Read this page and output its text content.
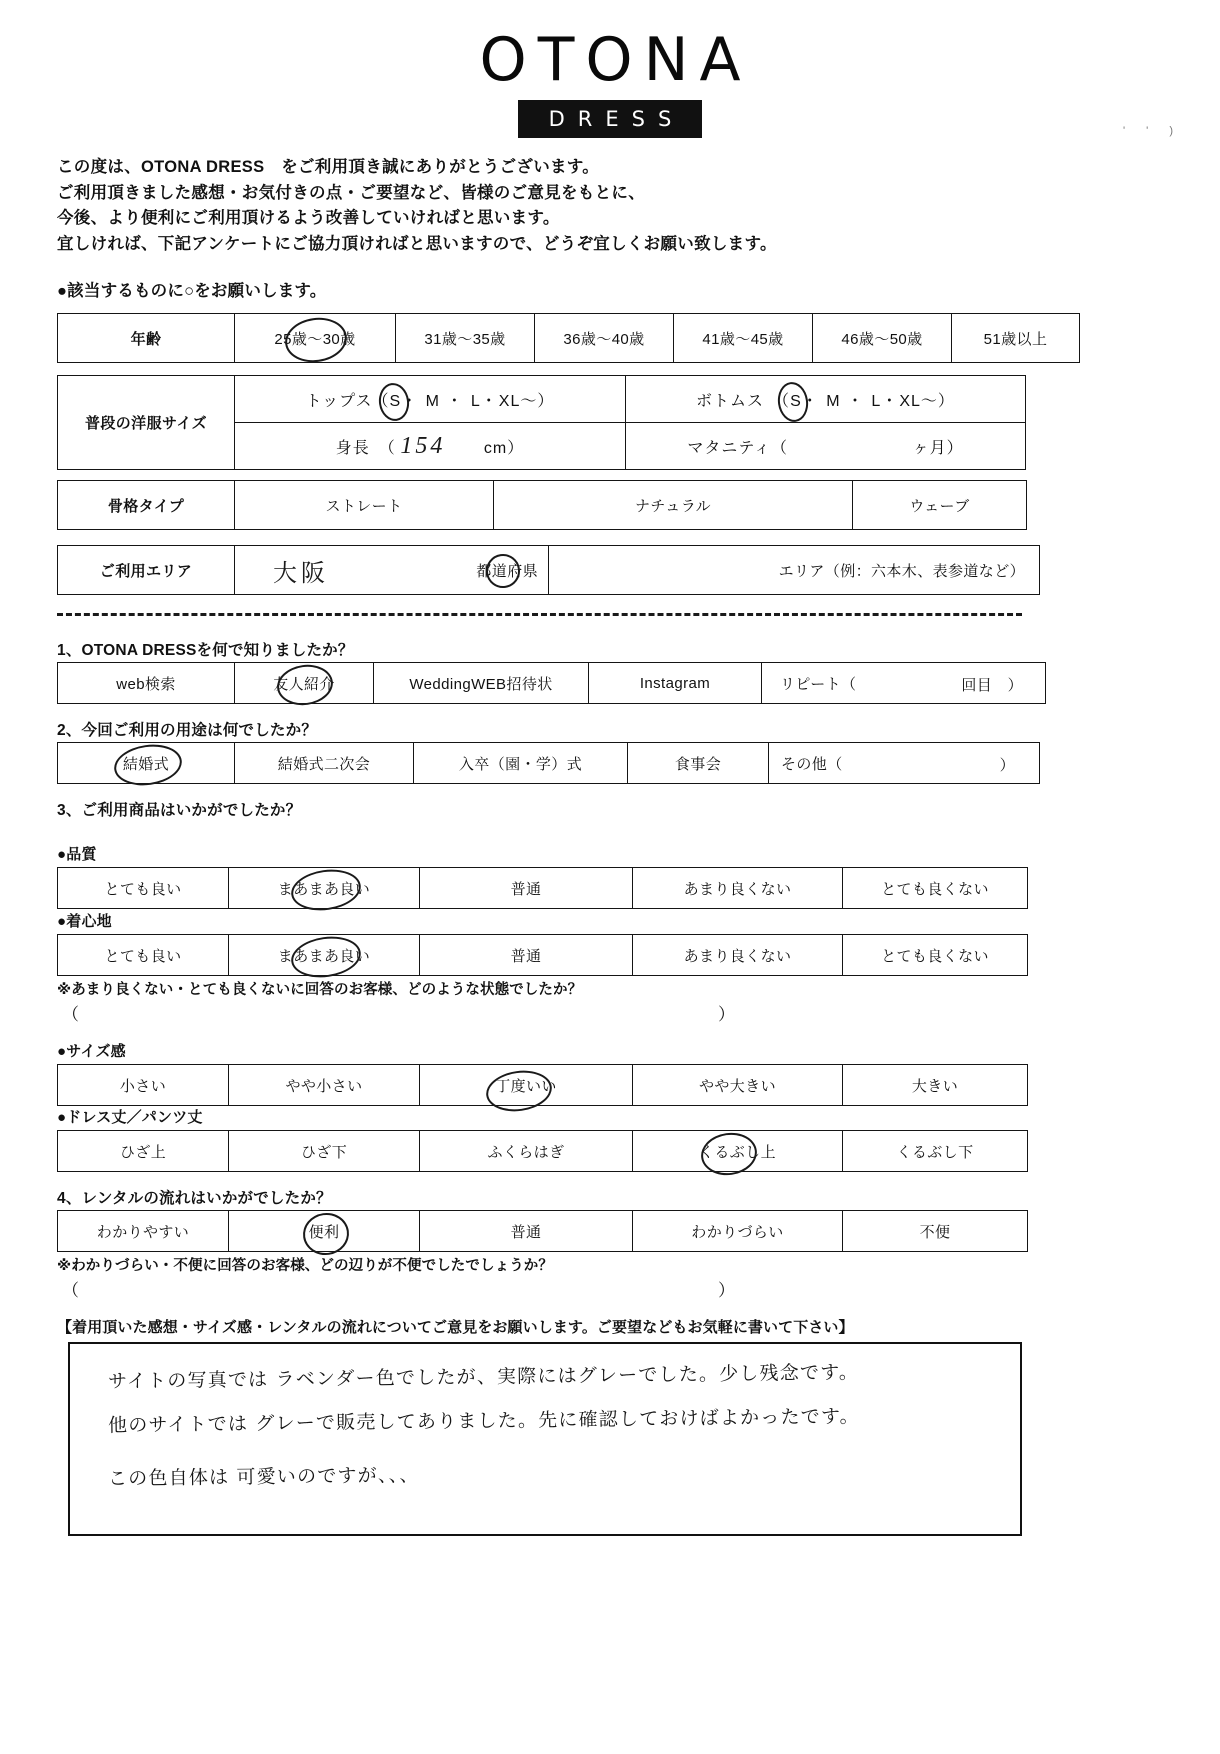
OTONA
DRESS	' ' )
この度は、OTONA DRESS　をご利用頂き誠にありがとうございます。
ご利用頂きました感想・お気付きの点・ご要望など、皆様のご意見をもとに、
今後、より便利にご利用頂けるよう改善していければと思います。
宜しければ、下記アンケートにご協力頂ければと思いますので、どうぞ宜しくお願い致します。
●該当するものに○をお願いします。
年齢	25歳〜30歳	31歳〜35歳	36歳〜40歳	41歳〜45歳	46歳〜50歳	51歳以上
普段の洋服サイズ	トップス（S・ M ・ L・XL〜）	ボトムス　（S・ M ・ L・XL〜）

	身長　（ 154 cm）	マタニティ（ ヶ月）
骨格タイプ	ストレート	ナチュラル	ウェーブ
ご利用エリア	大阪	都道府県	エリア（例：六本木、表参道など）
1、OTONA DRESSを何で知りましたか？
web検索	友人紹介	WeddingWEB招待状	Instagram	リピート（	回目　）
2、今回ご利用の用途は何でしたか？
結婚式	結婚式二次会	入卒（園・学）式	食事会	その他（	）
3、ご利用商品はいかがでしたか？
●品質
とても良い	まあまあ良い	普通	あまり良くない	とても良くない
●着心地
とても良い	まあまあ良い	普通	あまり良くない	とても良くない
※あまり良くない・とても良くないに回答のお客様、どのような状態でしたか？
（	）
●サイズ感
小さい	やや小さい	丁度いい	やや大きい	大きい
●ドレス丈／パンツ丈
ひざ上	ひざ下	ふくらはぎ	くるぶし上	くるぶし下
4、レンタルの流れはいかがでしたか？
わかりやすい	便利	普通	わかりづらい	不便
※わかりづらい・不便に回答のお客様、どの辺りが不便でしたでしょうか？
（	）
【着用頂いた感想・サイズ感・レンタルの流れについてご意見をお願いします。ご要望などもお気軽に書いて下さい】
サイトの写真では ラベンダー色でしたが、実際にはグレーでした。少し残念です。
他のサイトでは グレーで販売してありました。先に確認しておけばよかったです。
この色自体は 可愛いのですが、、、
